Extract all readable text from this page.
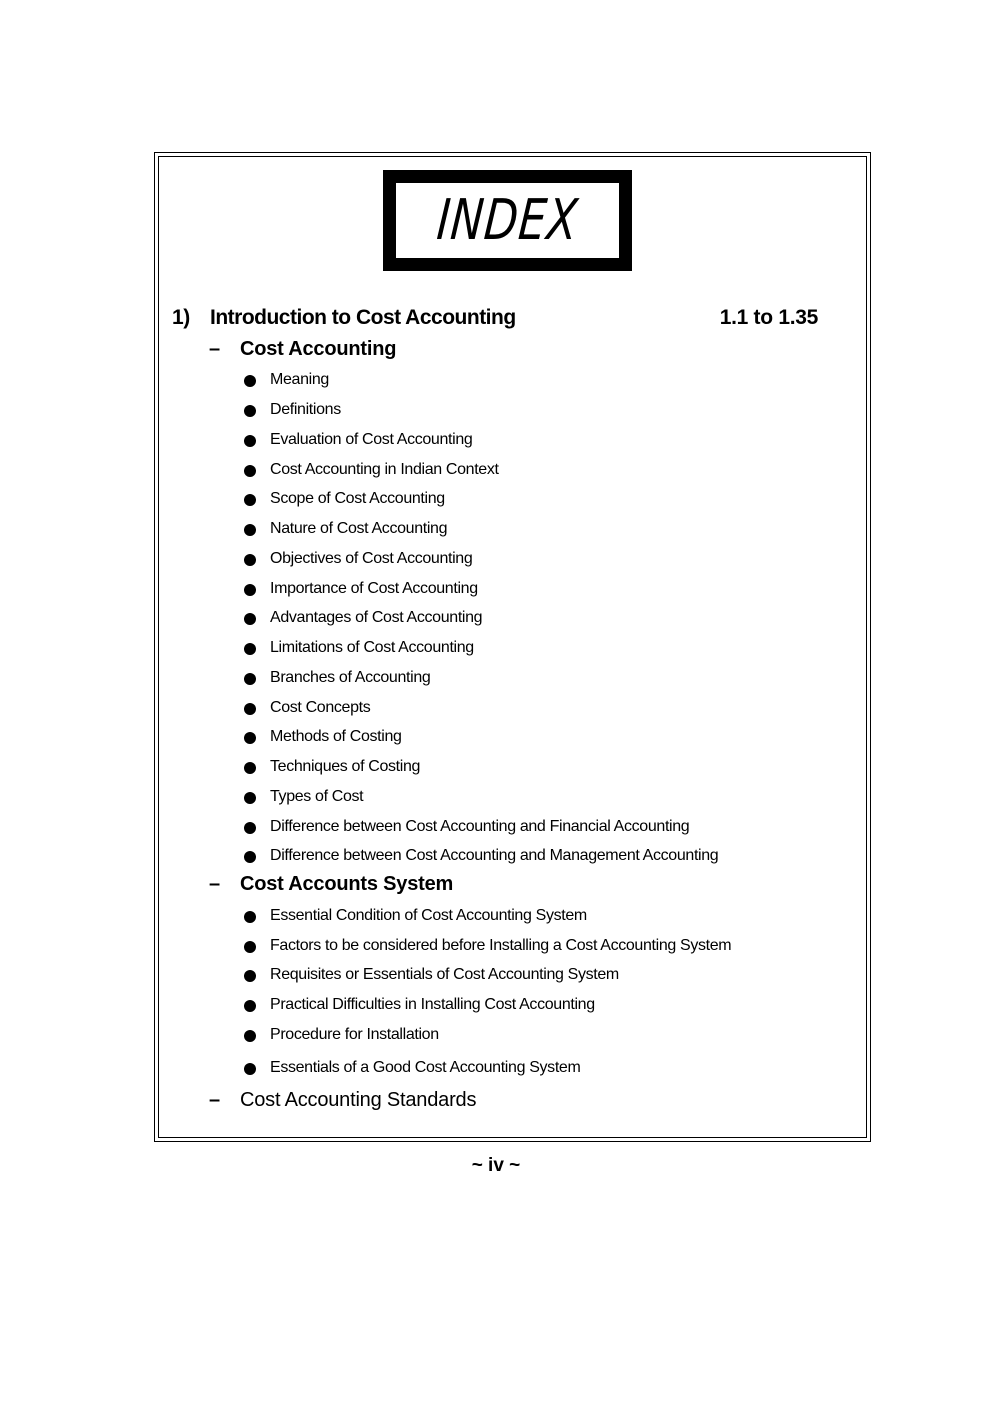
INDEX
1) Introduction to Cost Accounting	1.1 to 1.35
– Cost Accounting
Meaning
Definitions
Evaluation of Cost Accounting
Cost Accounting in Indian Context
Scope of Cost Accounting
Nature of Cost Accounting
Objectives of Cost Accounting
Importance of Cost Accounting
Advantages of Cost Accounting
Limitations of Cost Accounting
Branches of Accounting
Cost Concepts
Methods of Costing
Techniques of Costing
Types of Cost
Difference between Cost Accounting and Financial Accounting
Difference between Cost Accounting and Management Accounting
– Cost Accounts System
Essential Condition of Cost Accounting System
Factors to be considered before Installing a Cost Accounting System
Requisites or Essentials of Cost Accounting System
Practical Difficulties in Installing Cost Accounting
Procedure for Installation
Essentials of a Good Cost Accounting System
– Cost Accounting Standards
~ iv ~
